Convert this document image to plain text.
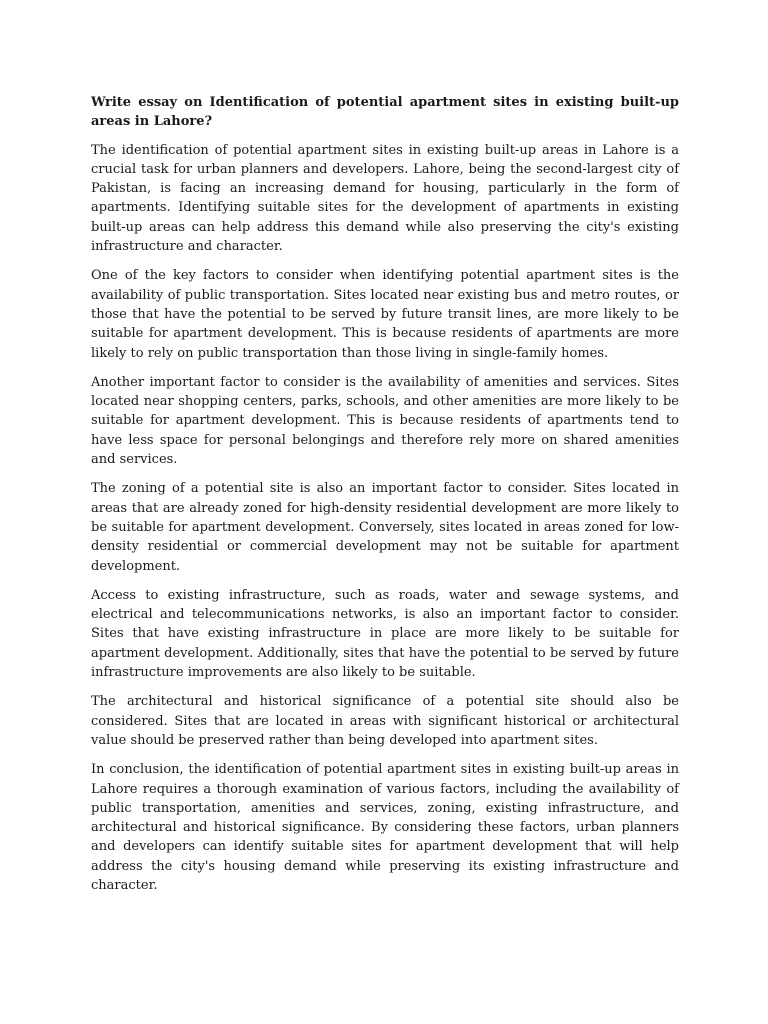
Write essay on Identification of potential apartment sites in existing built-up areas in Lahore?

The identification of potential apartment sites in existing built-up areas in Lahore is a crucial task for urban planners and developers. Lahore, being the second-largest city of Pakistan, is facing an increasing demand for housing, particularly in the form of apartments. Identifying suitable sites for the development of apartments in existing built-up areas can help address this demand while also preserving the city's existing infrastructure and character.

One of the key factors to consider when identifying potential apartment sites is the availability of public transportation. Sites located near existing bus and metro routes, or those that have the potential to be served by future transit lines, are more likely to be suitable for apartment development. This is because residents of apartments are more likely to rely on public transportation than those living in single-family homes.

Another important factor to consider is the availability of amenities and services. Sites located near shopping centers, parks, schools, and other amenities are more likely to be suitable for apartment development. This is because residents of apartments tend to have less space for personal belongings and therefore rely more on shared amenities and services.

The zoning of a potential site is also an important factor to consider. Sites located in areas that are already zoned for high-density residential development are more likely to be suitable for apartment development. Conversely, sites located in areas zoned for low-density residential or commercial development may not be suitable for apartment development.

Access to existing infrastructure, such as roads, water and sewage systems, and electrical and telecommunications networks, is also an important factor to consider. Sites that have existing infrastructure in place are more likely to be suitable for apartment development. Additionally, sites that have the potential to be served by future infrastructure improvements are also likely to be suitable.

The architectural and historical significance of a potential site should also be considered. Sites that are located in areas with significant historical or architectural value should be preserved rather than being developed into apartment sites.

In conclusion, the identification of potential apartment sites in existing built-up areas in Lahore requires a thorough examination of various factors, including the availability of public transportation, amenities and services, zoning, existing infrastructure, and architectural and historical significance. By considering these factors, urban planners and developers can identify suitable sites for apartment development that will help address the city's housing demand while preserving its existing infrastructure and character.
